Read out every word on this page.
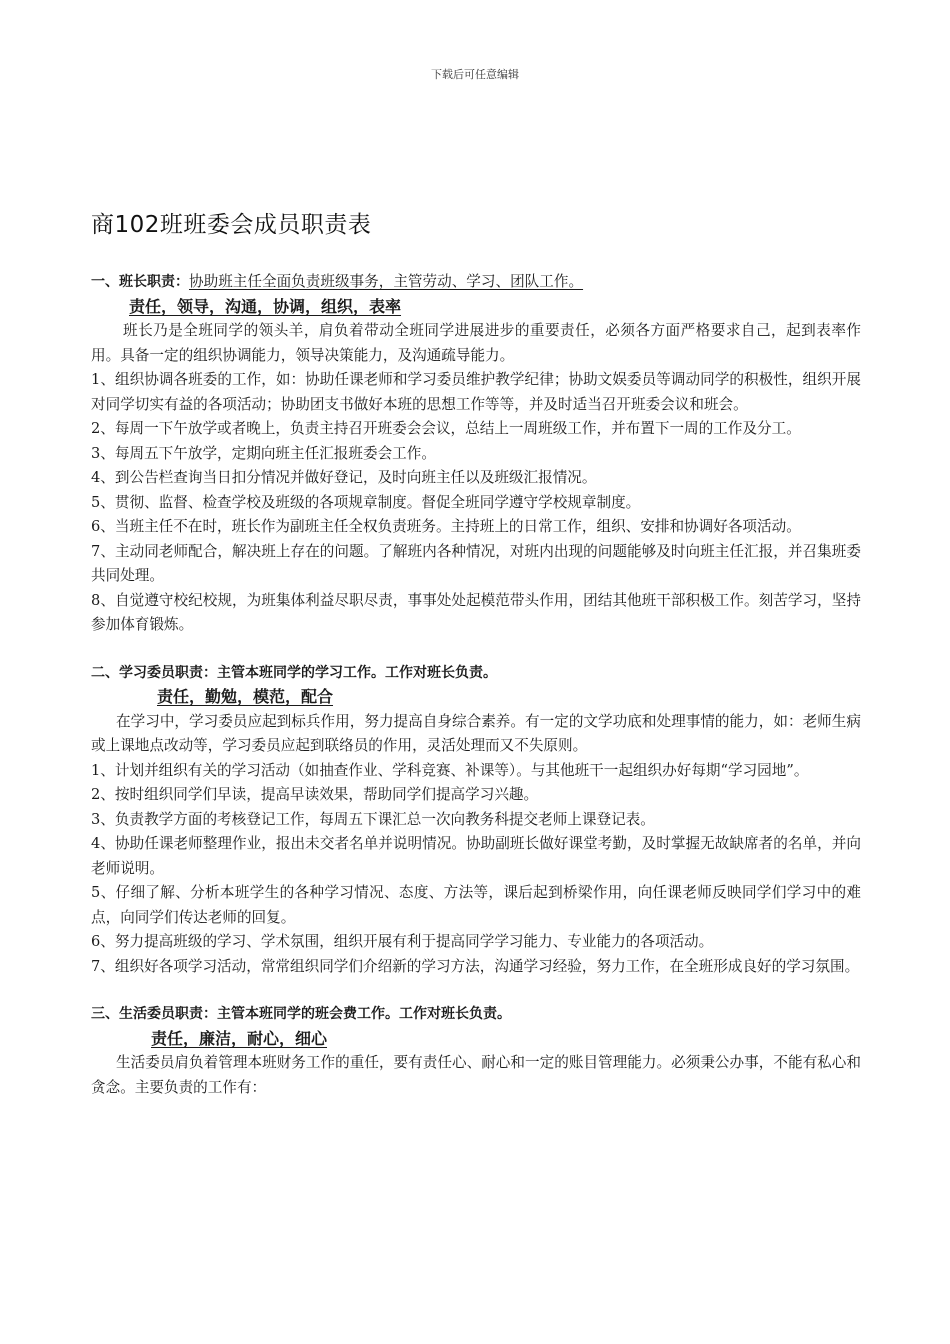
下载后可任意编辑
商102班班委会成员职责表

一、班长职责：协助班主任全面负责班级事务，主管劳动、学习、团队工作。

责任，领导，沟通，协调，组织，表率

班长乃是全班同学的领头羊，肩负着带动全班同学进展进步的重要责任，必须各方面严格要求自己，起到表率作用。具备一定的组织协调能力，领导决策能力，及沟通疏导能力。

1、组织协调各班委的工作，如：协助任课老师和学习委员维护教学纪律；协助文娱委员等调动同学的积极性，组织开展对同学切实有益的各项活动；协助团支书做好本班的思想工作等等，并及时适当召开班委会议和班会。
2、每周一下午放学或者晚上，负责主持召开班委会会议，总结上一周班级工作，并布置下一周的工作及分工。
3、每周五下午放学，定期向班主任汇报班委会工作。
4、到公告栏查询当日扣分情况并做好登记，及时向班主任以及班级汇报情况。
5、贯彻、监督、检查学校及班级的各项规章制度。督促全班同学遵守学校规章制度。
6、当班主任不在时，班长作为副班主任全权负责班务。主持班上的日常工作，组织、安排和协调好各项活动。
7、主动同老师配合，解决班上存在的问题。了解班内各种情况，对班内出现的问题能够及时向班主任汇报，并召集班委共同处理。
8、自觉遵守校纪校规，为班集体利益尽职尽责，事事处处起模范带头作用，团结其他班干部积极工作。刻苦学习，坚持参加体育锻炼。

二、学习委员职责：主管本班同学的学习工作。工作对班长负责。

责任，勤勉，模范，配合

在学习中，学习委员应起到标兵作用，努力提高自身综合素养。有一定的文学功底和处理事情的能力，如：老师生病或上课地点改动等，学习委员应起到联络员的作用，灵活处理而又不失原则。

1、计划并组织有关的学习活动（如抽查作业、学科竞赛、补课等）。与其他班干一起组织办好每期“学习园地”。
2、按时组织同学们早读，提高早读效果，帮助同学们提高学习兴趣。
3、负责教学方面的考核登记工作，每周五下课汇总一次向教务科提交老师上课登记表。
4、协助任课老师整理作业，报出未交者名单并说明情况。协助副班长做好课堂考勤，及时掌握无故缺席者的名单，并向老师说明。
5、仔细了解、分析本班学生的各种学习情况、态度、方法等，课后起到桥梁作用，向任课老师反映同学们学习中的难点，向同学们传达老师的回复。
6、努力提高班级的学习、学术氛围，组织开展有利于提高同学学习能力、专业能力的各项活动。
7、组织好各项学习活动，常常组织同学们介绍新的学习方法，沟通学习经验，努力工作，在全班形成良好的学习氛围。

三、生活委员职责：主管本班同学的班会费工作。工作对班长负责。

责任，廉洁，耐心，细心

生活委员肩负着管理本班财务工作的重任，要有责任心、耐心和一定的账目管理能力。必须秉公办事，不能有私心和贪念。主要负责的工作有：
